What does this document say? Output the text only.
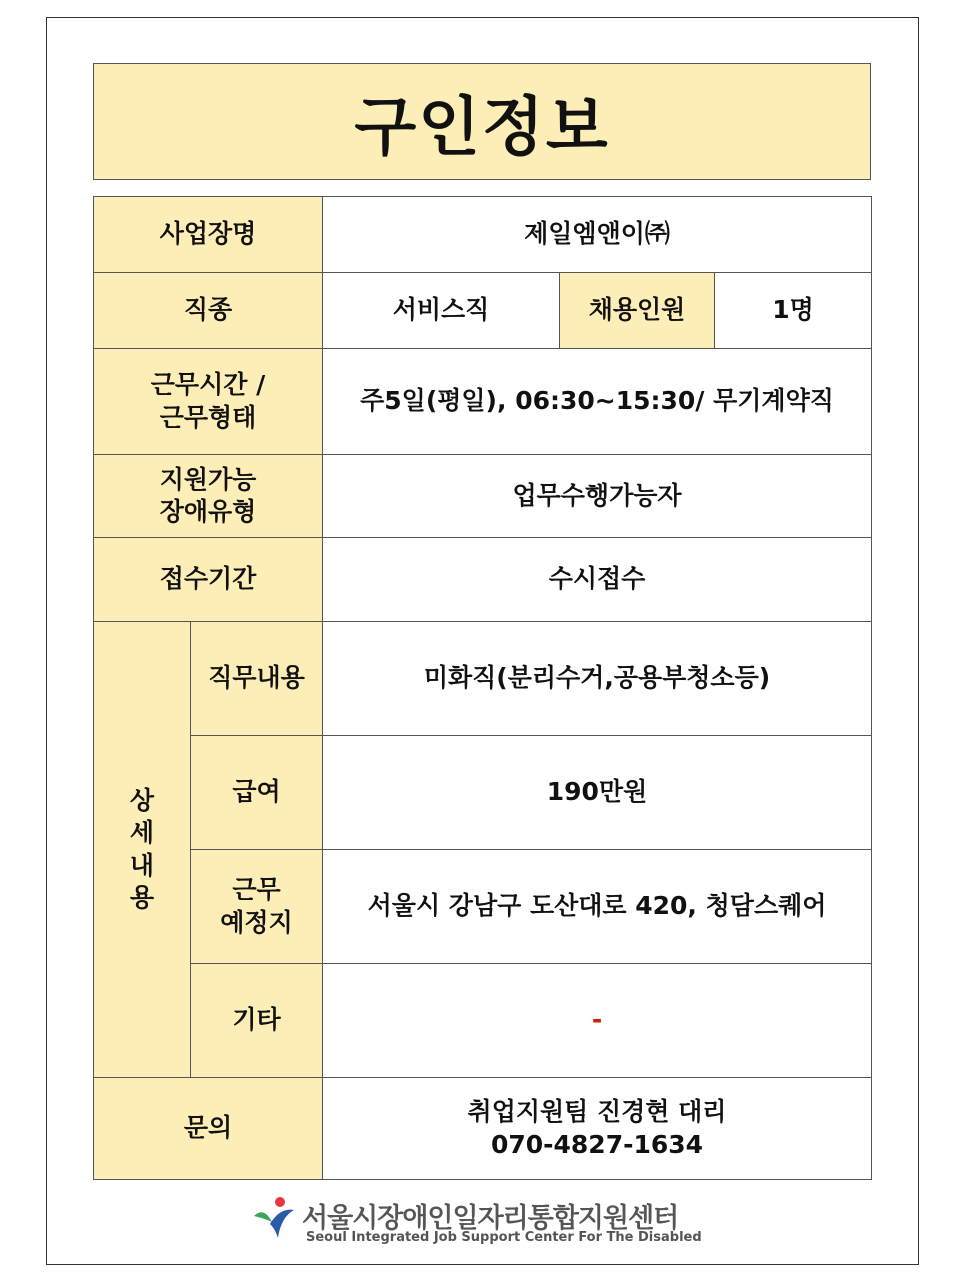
구인정보
사업장명		제일엠앤이㈜		
직종		서비스직	채용인원	1명

근무시간 /
근무형태		주5일(평일), 06:30~15:30/ 무기계약직		

지원가능
장애유형		업무수행가능자		
접수기간		수시접수		

상
세
내
용	직무내용	미화직(분리수거,공용부청소등)		
	급여	190만원		

	근무
예정지	서울시 강남구 도산대로 420, 청담스퀘어		
	기타	-		
문의		취업지원팀 진경현 대리
070-4827-1634		
서울시장애인일자리통합지원센터
Seoul Integrated Job Support Center For The Disabled
